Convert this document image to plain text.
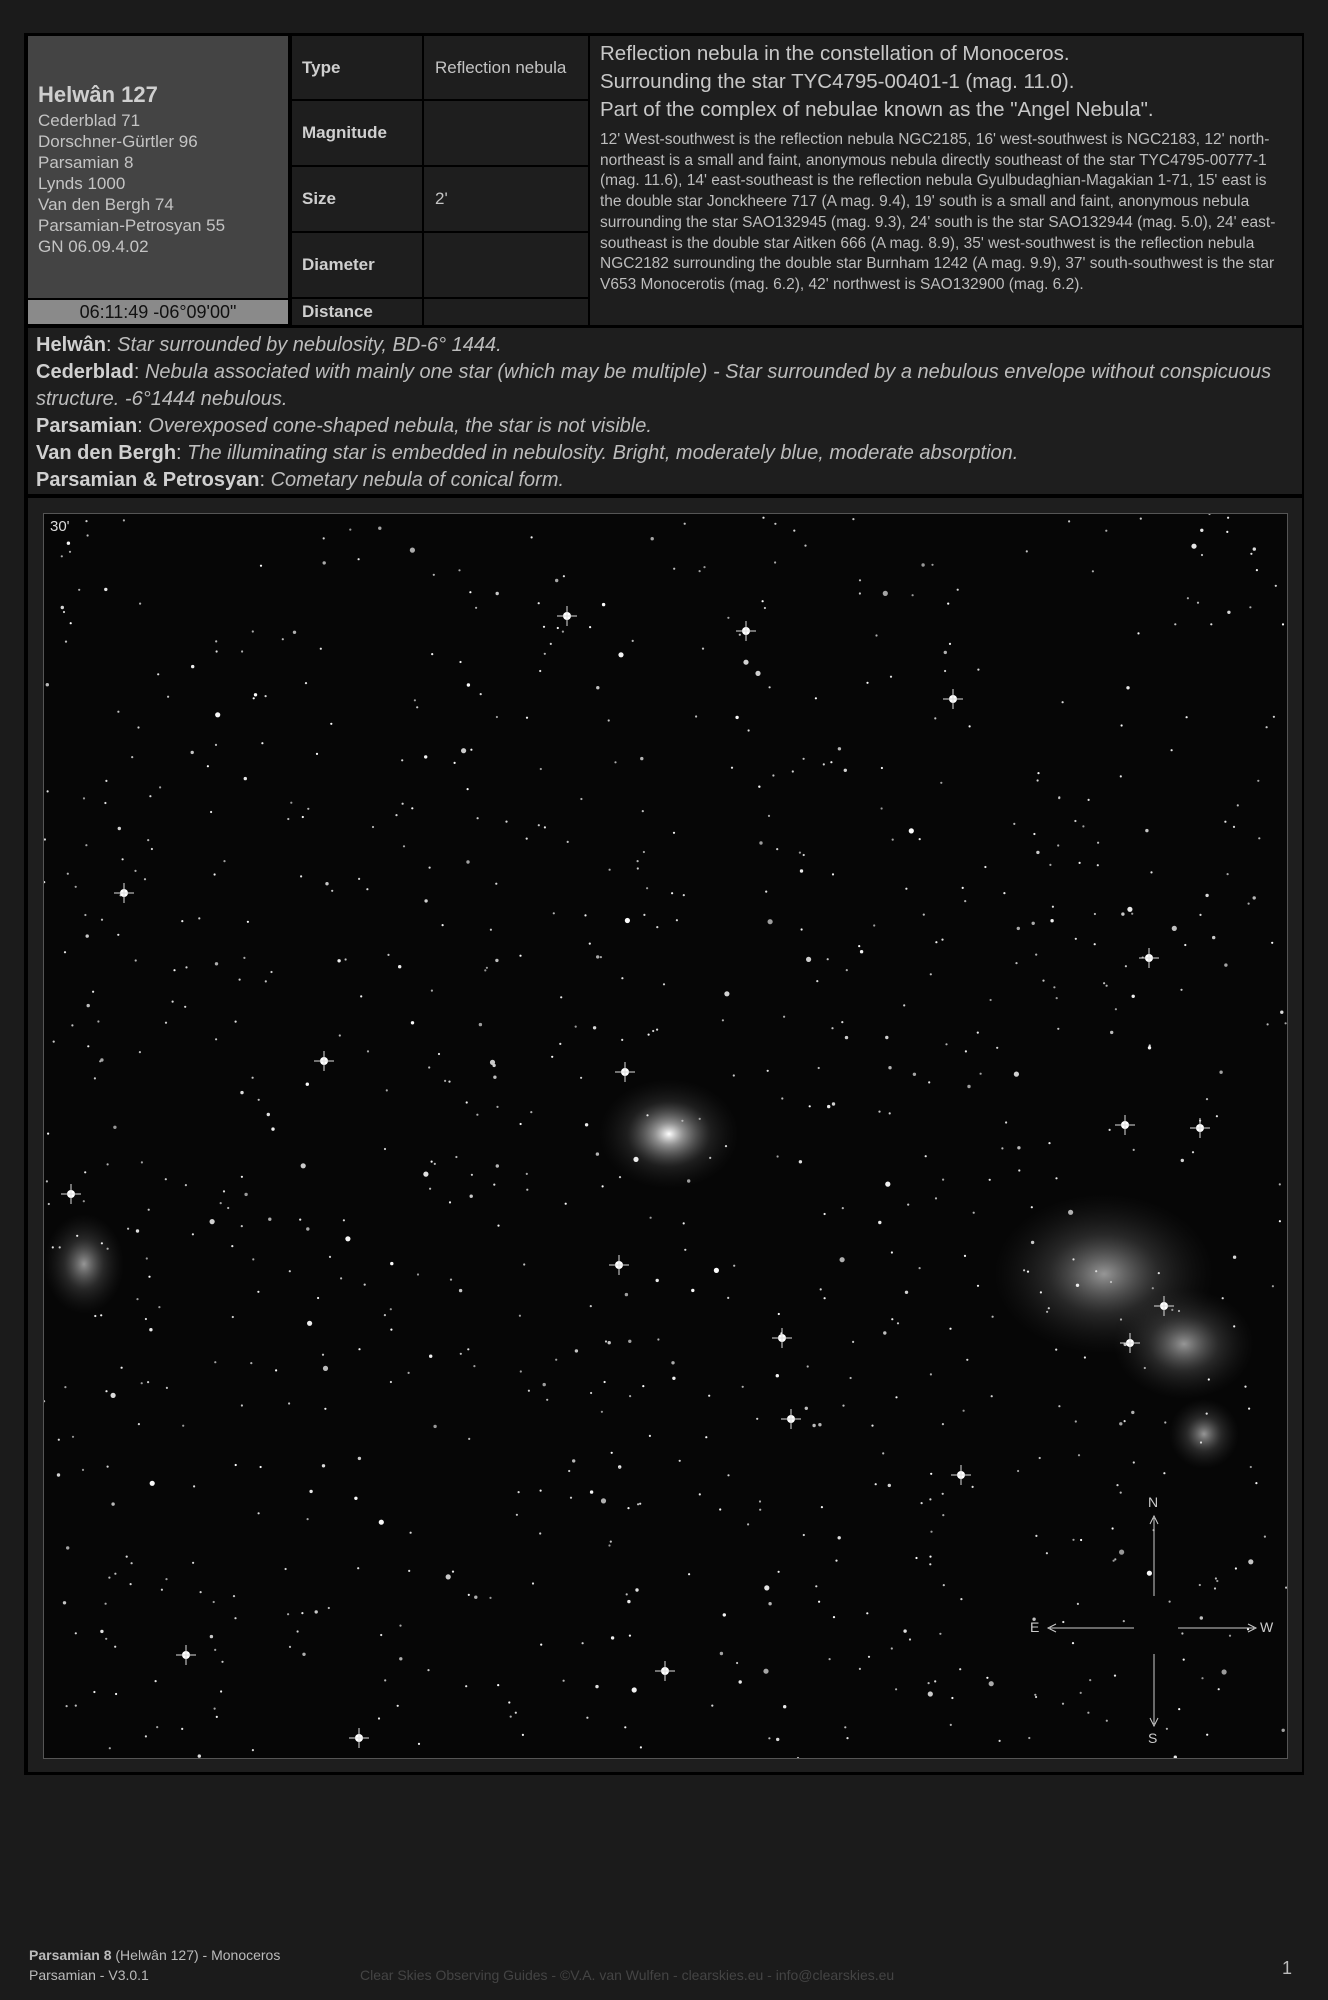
Helwân 127
Cederblad 71
Dorschner-Gürtler 96
Parsamian 8
Lynds 1000
Van den Bergh 74
Parsamian-Petrosyan 55
GN 06.09.4.02
06:11:49 -06°09'00"
Type	Reflection nebula
Magnitude
Size	2'
Diameter
Distance
Reflection nebula in the constellation of Monoceros.
Surrounding the star TYC4795-00401-1 (mag. 11.0).
Part of the complex of nebulae known as the "Angel Nebula".
12' West-southwest is the reflection nebula NGC2185, 16' west-southwest is NGC2183, 12' north-northeast is a small and faint, anonymous nebula directly southeast of the star TYC4795-00777-1 (mag. 11.6), 14' east-southeast is the reflection nebula Gyulbudaghian-Magakian 1-71, 15' east is the double star Jonckheere 717 (A mag. 9.4), 19' south is a small and faint, anonymous nebula surrounding the star SAO132945 (mag. 9.3), 24' south is the star SAO132944 (mag. 5.0), 24' east-southeast is the double star Aitken 666 (A mag. 8.9), 35' west-southwest is the reflection nebula NGC2182 surrounding the double star Burnham 1242 (A mag. 9.9), 37' south-southwest is the star V653 Monocerotis (mag. 6.2), 42' northwest is SAO132900 (mag. 6.2).
Helwân: Star surrounded by nebulosity, BD-6° 1444.
Cederblad: Nebula associated with mainly one star (which may be multiple) - Star surrounded by a nebulous envelope without conspicuous structure. -6°1444 nebulous.
Parsamian: Overexposed cone-shaped nebula, the star is not visible.
Van den Bergh: The illuminating star is embedded in nebulosity. Bright, moderately blue, moderate absorption.
Parsamian & Petrosyan: Cometary nebula of conical form.
30'
N
S
E	W
Parsamian 8 (Helwân 127) - Monoceros
Parsamian - V3.0.1	Clear Skies Observing Guides - ©V.A. van Wulfen - clearskies.eu - info@clearskies.eu	1
